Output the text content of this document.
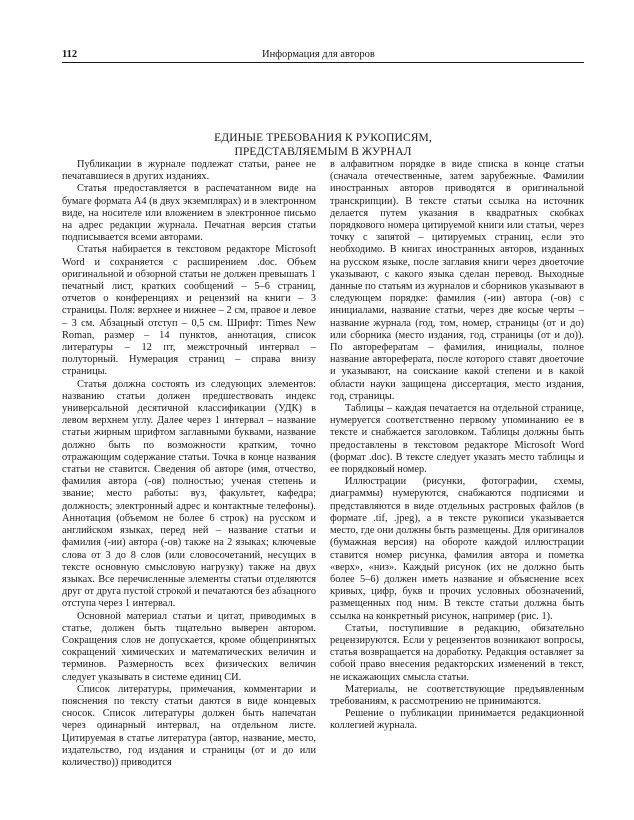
112	Информация для авторов
ЕДИНЫЕ ТРЕБОВАНИЯ К РУКОПИСЯМ,
ПРЕДСТАВЛЯЕМЫМ В ЖУРНАЛ

Публикации в журнале подлежат статьи, ранее не печатавшиеся в других изданиях.

Статья предоставляется в распечатанном виде на бумаге формата А4 (в двух экземплярах) и в электронном виде, на носителе или вложением в электронное письмо на адрес редакции журнала. Печатная версия статьи подписывается всеми авторами.

Статья набирается в текстовом редакторе Microsoft Word и сохраняется с расширением .doc. Объем оригинальной и обзорной статьи не должен превышать 1 печатный лист, кратких сообщений – 5–6 страниц, отчетов о конференциях и рецензий на книги – 3 страницы. Поля: верхнее и нижнее – 2 см, правое и левое – 3 см. Абзацный отступ – 0,5 см. Шрифт: Times New Roman, размер – 14 пунктов, аннотация, список литературы – 12 пт, межстрочный интервал – полуторный. Нумерация страниц – справа внизу страницы.

Статья должна состоять из следующих элементов: названию статьи должен предшествовать индекс универсальной десятичной классификации (УДК) в левом верхнем углу. Далее через 1 интервал – название статьи жирным шрифтом заглавными буквами, название должно быть по возможности кратким, точно отражающим содержание статьи. Точка в конце названия статьи не ставится. Сведения об авторе (имя, отчество, фамилия автора (-ов) полностью; ученая степень и звание; место работы: вуз, факультет, кафедра; должность; электронный адрес и контактные телефоны). Аннотация (объемом не более 6 строк) на русском и английском языках, перед ней – название статьи и фамилия (-ии) автора (-ов) также на 2 языках; ключевые слова от 3 до 8 слов (или словосочетаний, несущих в тексте основную смысловую нагрузку) также на двух языках. Все перечисленные элементы статьи отделяются друг от друга пустой строкой и печатаются без абзацного отступа через 1 интервал.

Основной материал статьи и цитат, приводимых в статье, должен быть тщательно выверен автором. Сокращения слов не допускается, кроме общепринятых сокращений химических и математических величин и терминов. Размерность всех физических величин следует указывать в системе единиц СИ.

Список литературы, примечания, комментарии и пояснения по тексту статьи даются в виде концевых сносок. Список литературы должен быть напечатан через одинарный интервал, на отдельном листе. Цитируемая в статье литература (автор, название, место, издательство, год издания и страницы (от и до или количество)) приводится

в алфавитном порядке в виде списка в конце статьи (сначала отечественные, затем зарубежные. Фамилии иностранных авторов приводятся в оригинальной транскрипции). В тексте статьи ссылка на источник делается путем указания в квадратных скобках порядкового номера цитируемой книги или статьи, через точку с запятой – цитируемых страниц, если это необходимо. В книгах иностранных авторов, изданных на русском языке, после заглавия книги через двоеточие указывают, с какого языка сделан перевод. Выходные данные по статьям из журналов и сборников указывают в следующем порядке: фамилия (-ии) автора (-ов) с инициалами, название статьи, через две косые черты – название журнала (год, том, номер, страницы (от и до) или сборника (место издания, год, страницы (от и до)). По авторефератам – фамилия, инициалы, полное название автореферата, после которого ставят двоеточие и указывают, на соискание какой степени и в какой области науки защищена диссертация, место издания, год, страницы.

Таблицы – каждая печатается на отдельной странице, нумеруется соответственно первому упоминанию ее в тексте и снабжается заголовком. Таблицы должны быть предоставлены в текстовом редакторе Microsoft Word (формат .doc). В тексте следует указать место таблицы и ее порядковый номер.

Иллюстрации (рисунки, фотографии, схемы, диаграммы) нумеруются, снабжаются подписями и представляются в виде отдельных растровых файлов (в формате .tif, .jpeg), а в тексте рукописи указывается место, где они должны быть размещены. Для оригиналов (бумажная версия) на обороте каждой иллюстрации ставится номер рисунка, фамилия автора и пометка «верх», «низ». Каждый рисунок (их не должно быть более 5–6) должен иметь название и объяснение всех кривых, цифр, букв и прочих условных обозначений, размещенных под ним. В тексте статьи должна быть ссылка на конкретный рисунок, например (рис. 1).

Статьи, поступившие в редакцию, обязательно рецензируются. Если у рецензентов возникают вопросы, статья возвращается на доработку. Редакция оставляет за собой право внесения редакторских изменений в текст, не искажающих смысла статьи.

Материалы, не соответствующие предъявленным требованиям, к рассмотрению не принимаются.

Решение о публикации принимается редакционной коллегией журнала.
